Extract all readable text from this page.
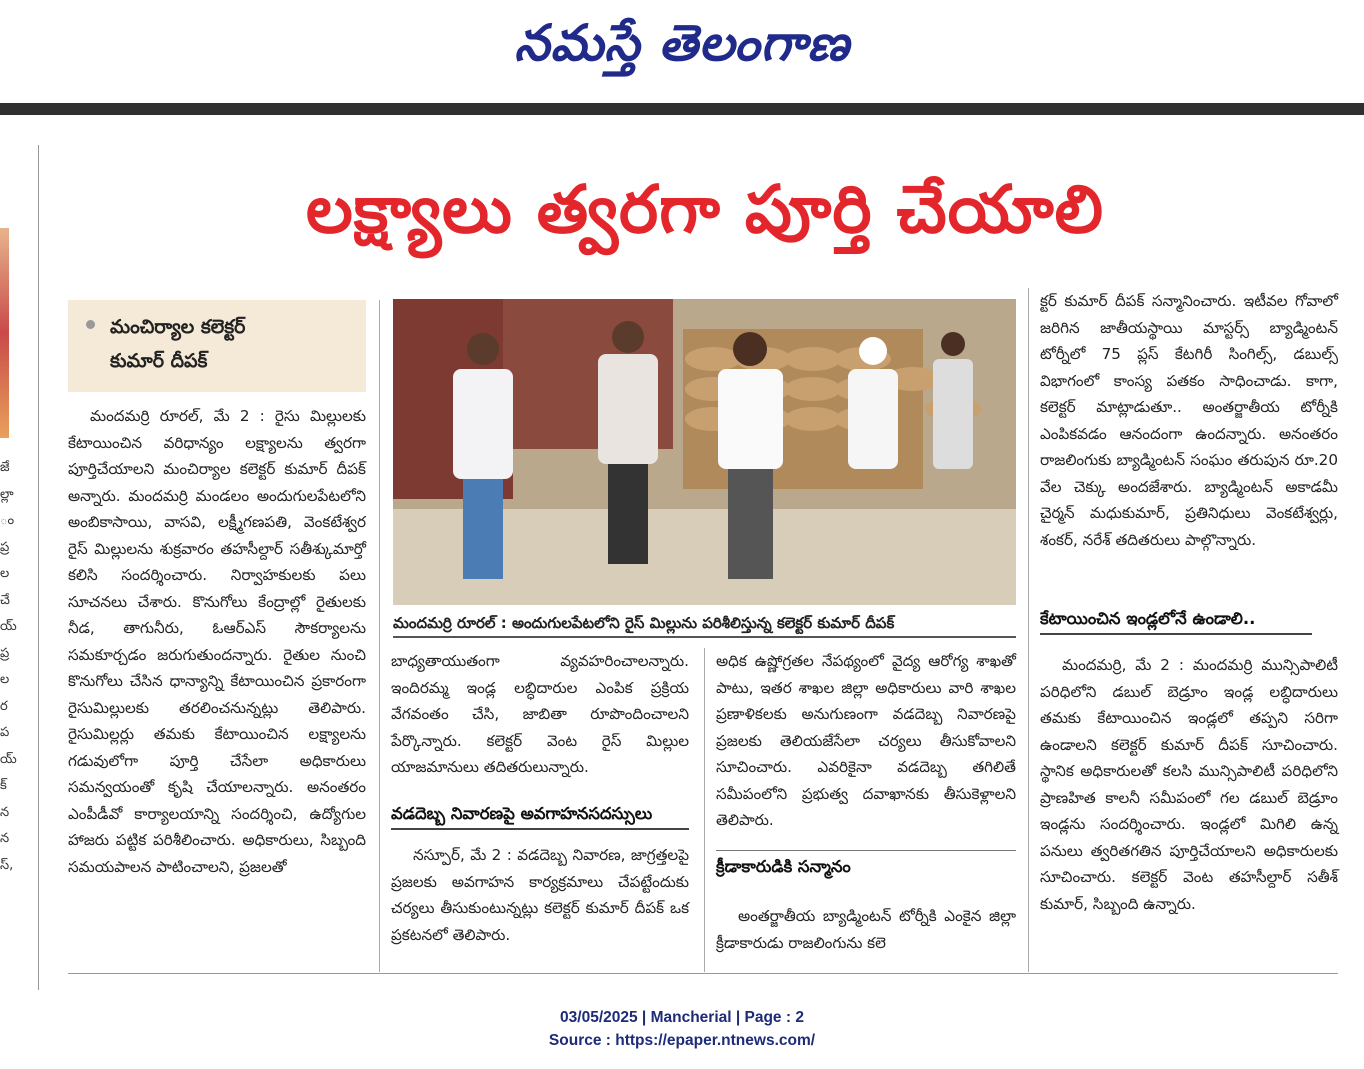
నమస్తే తెలంగాణ
జే
ల్లా
ం
ప్ర
ల
చే
య్
ప్ర
ల
ర
ప
య్
క్
న
న
స్,
లక్ష్యాలు త్వరగా పూర్తి చేయాలి
మంచిర్యాల కలెక్టర్
కుమార్ దీపక్

మందమర్రి రూరల్, మే 2 : రైసు మిల్లులకు కేటాయించిన వరిధాన్యం లక్ష్యాలను త్వరగా పూర్తిచేయాలని మంచిర్యాల కలెక్టర్ కుమార్ దీపక్ అన్నారు. మందమర్రి మండలం అందుగులపేటలోని అంబికాసాయి, వాసవి, లక్ష్మీగణపతి, వెంకటేశ్వర రైస్ మిల్లులను శుక్రవారం తహసీల్దార్ సతీశ్కుమార్తో కలిసి సందర్శించారు. నిర్వాహకులకు పలు సూచనలు చేశారు. కొనుగోలు కేంద్రాల్లో రైతులకు నీడ, తాగునీరు, ఓఆర్ఎస్ సౌకర్యాలను సమకూర్చడం జరుగుతుందన్నారు. రైతుల నుంచి కొనుగోలు చేసిన ధాన్యాన్ని కేటాయించిన ప్రకారంగా రైసుమిల్లులకు తరలించనున్నట్లు తెలిపారు. రైసుమిల్లర్లు తమకు కేటాయించిన లక్ష్యాలను గడువులోగా పూర్తి చేసేలా అధికారులు సమన్వయంతో కృషి చేయాలన్నారు. అనంతరం ఎంపీడీవో కార్యాలయాన్ని సందర్శించి, ఉద్యోగుల హాజరు పట్టిక పరిశీలించారు. అధికారులు, సిబ్బంది సమయపాలన పాటించాలని, ప్రజలతో

మందమర్రి రూరల్ : అందుగులపేటలోని రైస్ మిల్లును పరిశీలిస్తున్న కలెక్టర్ కుమార్ దీపక్
బాధ్యతాయుతంగా వ్యవహరించాలన్నారు. ఇందిరమ్మ ఇండ్ల లబ్ధిదారుల ఎంపిక ప్రక్రియ వేగవంతం చేసి, జాబితా రూపొందించాలని పేర్కొన్నారు. కలెక్టర్ వెంట రైస్ మిల్లుల యాజమానులు తదితరులున్నారు.
వడదెబ్బ నివారణపై అవగాహనసదస్సులు

నస్పూర్, మే 2 : వడదెబ్బ నివారణ, జాగ్రత్తలపై ప్రజలకు అవగాహన కార్యక్రమాలు చేపట్టేందుకు చర్యలు తీసుకుంటున్నట్లు కలెక్టర్ కుమార్ దీపక్ ఒక ప్రకటనలో తెలిపారు.

అధిక ఉష్ణోగ్రతల నేపథ్యంలో వైద్య ఆరోగ్య శాఖతో పాటు, ఇతర శాఖల జిల్లా అధికారులు వారి శాఖల ప్రణాళికలకు అనుగుణంగా వడదెబ్బ నివారణపై ప్రజలకు తెలియజేసేలా చర్యలు తీసుకోవాలని సూచించారు. ఎవరికైనా వడదెబ్బ తగిలితే సమీపంలోని ప్రభుత్వ దవాఖానకు తీసుకెళ్లాలని తెలిపారు.
క్రీడాకారుడికి సన్మానం

అంతర్జాతీయ బ్యాడ్మింటన్ టోర్నీకి ఎంకైన జిల్లా క్రీడాకారుడు రాజలింగును కలె

క్టర్ కుమార్ దీపక్ సన్మానించారు. ఇటీవల గోవాలో జరిగిన జాతీయస్థాయి మాస్టర్స్ బ్యాడ్మింటన్ టోర్నీలో 75 ప్లస్ కేటగిరీ సింగిల్స్, డబుల్స్ విభాగంలో కాంస్య పతకం సాధించాడు. కాగా, కలెక్టర్ మాట్లాడుతూ.. అంతర్జాతీయ టోర్నీకి ఎంపికవడం ఆనందంగా ఉందన్నారు. అనంతరం రాజలింగుకు బ్యాడ్మింటన్ సంఘం తరుపున రూ.20 వేల చెక్కు అందజేశారు. బ్యాడ్మింటన్ అకాడమీ చైర్మన్ మధుకుమార్, ప్రతినిధులు వెంకటేశ్వర్లు, శంకర్, నరేశ్ తదితరులు పాల్గొన్నారు.
కేటాయించిన ఇండ్లలోనే ఉండాలి..

మందమర్రి, మే 2 : మందమర్రి మున్సిపాలిటీ పరిధిలోని డబుల్ బెడ్రూం ఇండ్ల లబ్ధిదారులు తమకు కేటాయించిన ఇండ్లలో తప్పని సరిగా ఉండాలని కలెక్టర్ కుమార్ దీపక్ సూచించారు. స్థానిక అధికారులతో కలసి మున్సిపాలిటీ పరిధిలోని ప్రాణహిత కాలనీ సమీపంలో గల డబుల్ బెడ్రూం ఇండ్లను సందర్శించారు. ఇండ్లలో మిగిలి ఉన్న పనులు త్వరితగతిన పూర్తిచేయాలని అధికారులకు సూచించారు. కలెక్టర్ వెంట తహసీల్దార్ సతీశ్ కుమార్, సిబ్బంది ఉన్నారు.

03/05/2025 | Mancherial | Page : 2
Source : https://epaper.ntnews.com/
